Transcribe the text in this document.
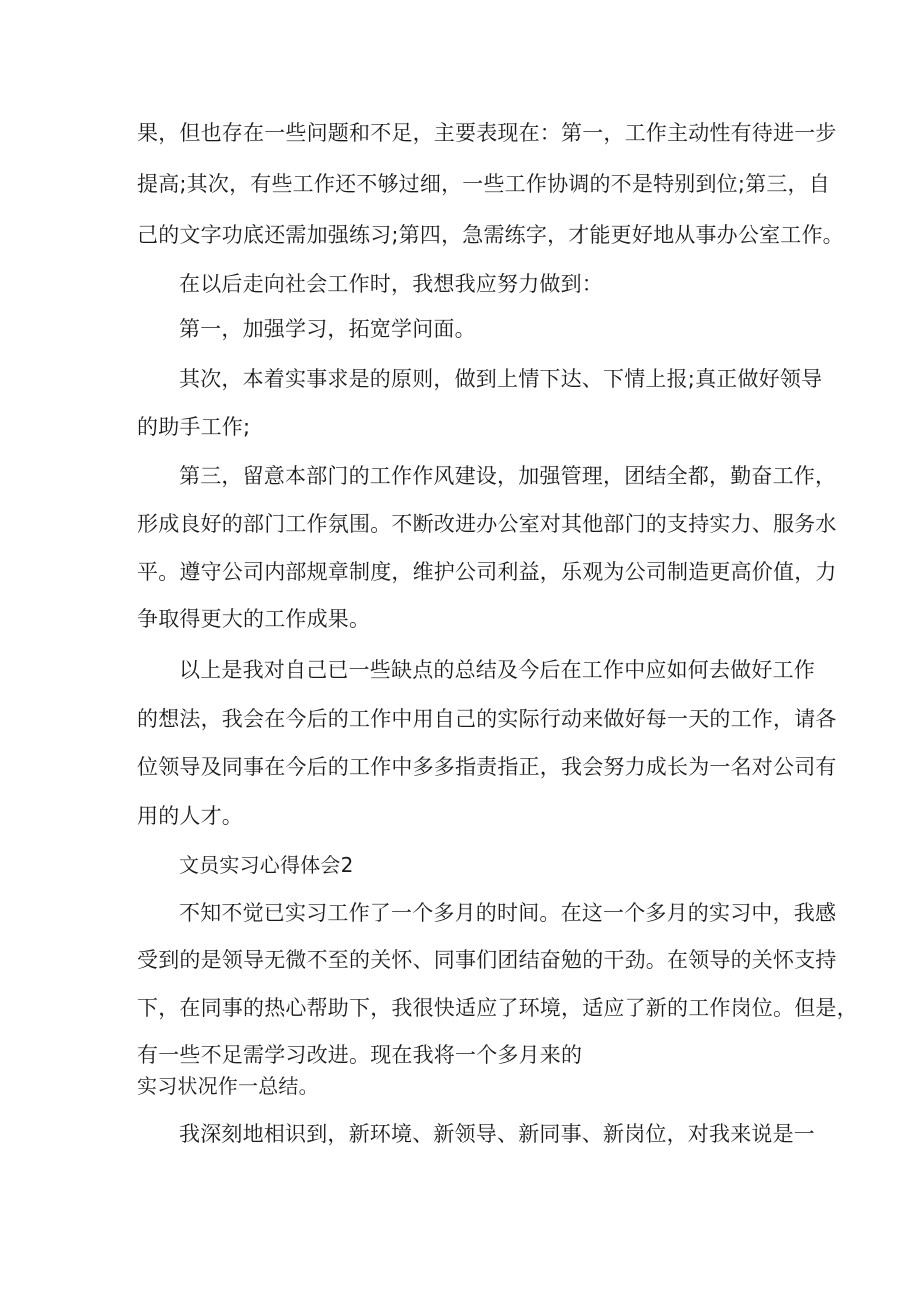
果，但也存在一些问题和不足，主要表现在：第一，工作主动性有待进一步
提高;其次，有些工作还不够过细，一些工作协调的不是特别到位;第三，自
己的文字功底还需加强练习;第四，急需练字，才能更好地从事办公室工作。
在以后走向社会工作时，我想我应努力做到：
第一，加强学习，拓宽学问面。
其次，本着实事求是的原则，做到上情下达、下情上报;真正做好领导
的助手工作;
第三，留意本部门的工作作风建设，加强管理，团结全都，勤奋工作，
形成良好的部门工作氛围。不断改进办公室对其他部门的支持实力、服务水
平。遵守公司内部规章制度，维护公司利益，乐观为公司制造更高价值，力
争取得更大的工作成果。
以上是我对自己已一些缺点的总结及今后在工作中应如何去做好工作
的想法，我会在今后的工作中用自己的实际行动来做好每一天的工作，请各
位领导及同事在今后的工作中多多指责指正，我会努力成长为一名对公司有
用的人才。
文员实习心得体会2
不知不觉已实习工作了一个多月的时间。在这一个多月的实习中，我感
受到的是领导无微不至的关怀、同事们团结奋勉的干劲。在领导的关怀支持
下，在同事的热心帮助下，我很快适应了环境，适应了新的工作岗位。但是，
有一些不足需学习改进。现在我将一个多月来的
实习状况作一总结。
我深刻地相识到，新环境、新领导、新同事、新岗位，对我来说是一
